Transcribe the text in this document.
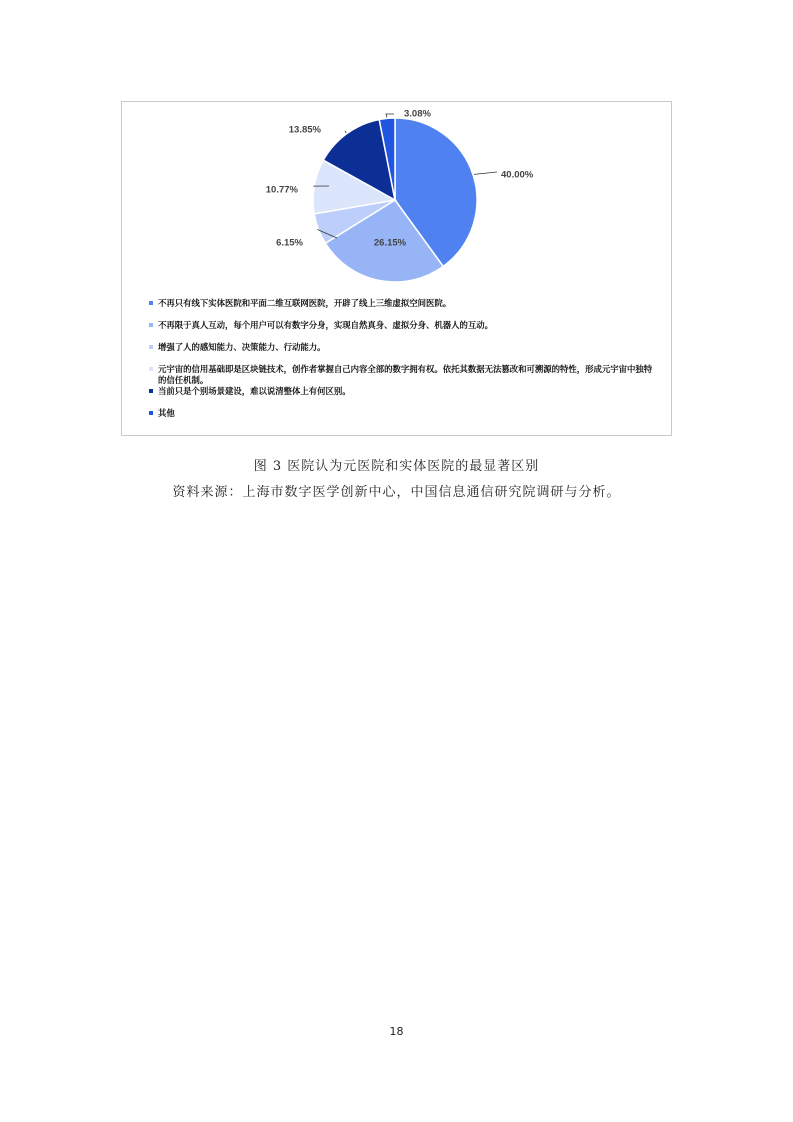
40.00%
26.15%
6.15%
10.77%
13.85%
3.08%
不再只有线下实体医院和平面二维互联网医院，开辟了线上三维虚拟空间医院。
不再限于真人互动，每个用户可以有数字分身，实现自然真身、虚拟分身、机器人的互动。
增强了人的感知能力、决策能力、行动能力。
元宇宙的信用基础即是区块链技术，创作者掌握自己内容全部的数字拥有权。依托其数据无法篡改和可溯源的特性，形成元宇宙中独特的信任机制。
当前只是个别场景建设，难以说清整体上有何区别。
其他
图 3 医院认为元医院和实体医院的最显著区别
资料来源：上海市数字医学创新中心，中国信息通信研究院调研与分析。
18
